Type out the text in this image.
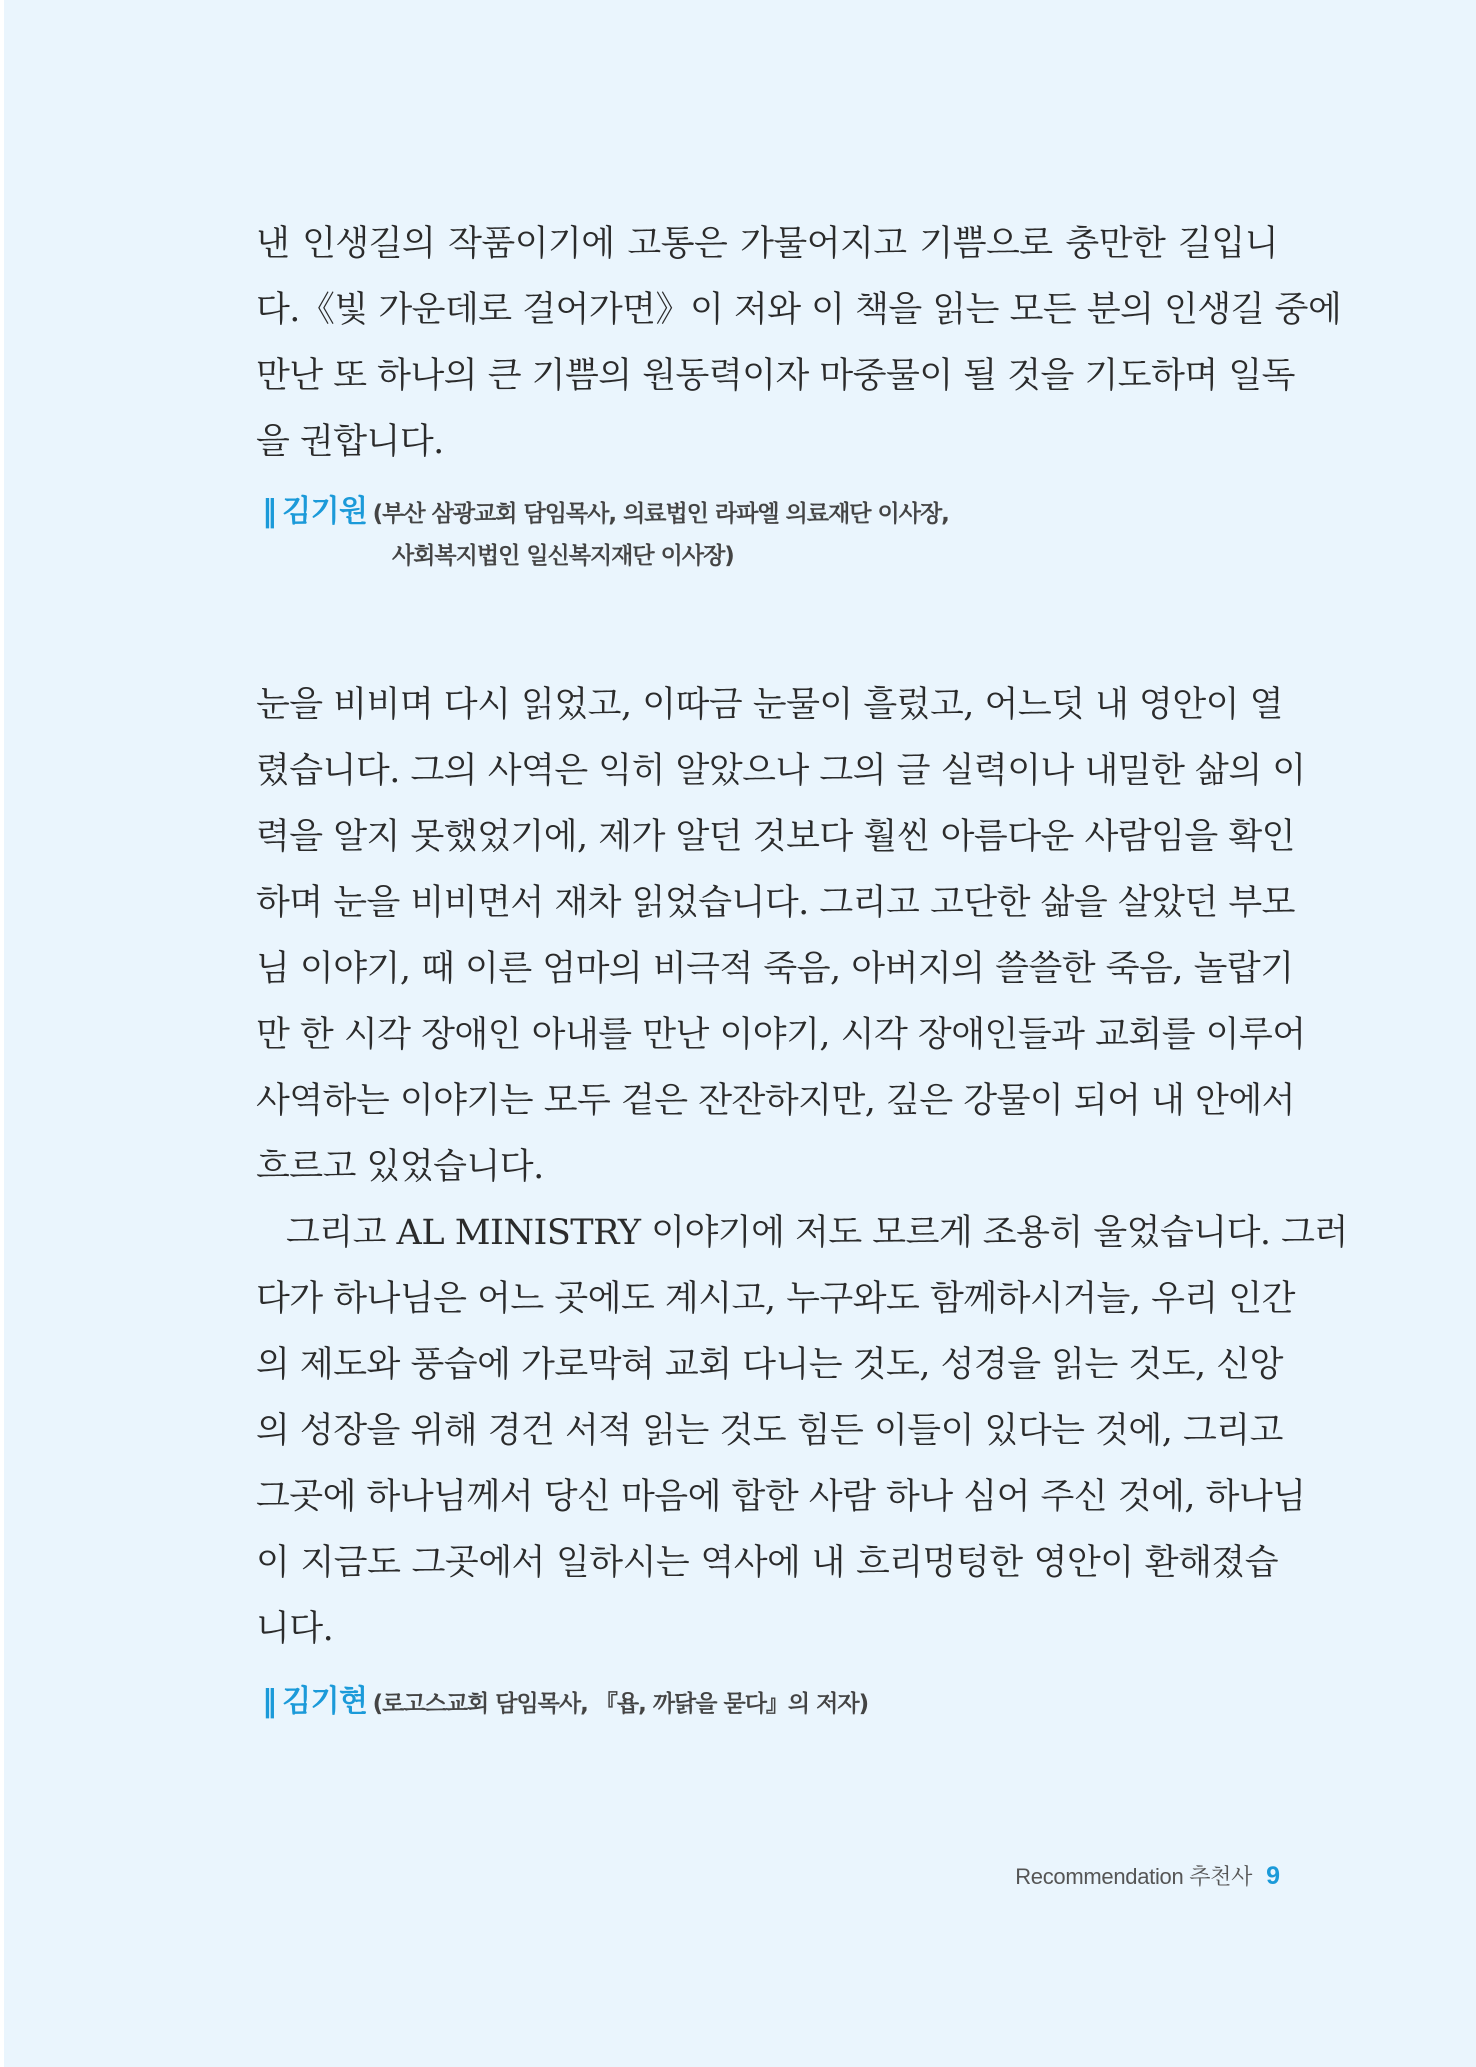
낸 인생길의 작품이기에 고통은 가물어지고 기쁨으로 충만한 길입니
다.《빛 가운데로 걸어가면》이 저와 이 책을 읽는 모든 분의 인생길 중에
만난 또 하나의 큰 기쁨의 원동력이자 마중물이 될 것을 기도하며 일독
을 권합니다.
‖ 김기원 (부산 삼광교회 담임목사, 의료법인 라파엘 의료재단 이사장,
사회복지법인 일신복지재단 이사장)
눈을 비비며 다시 읽었고, 이따금 눈물이 흘렀고, 어느덧 내 영안이 열
렸습니다. 그의 사역은 익히 알았으나 그의 글 실력이나 내밀한 삶의 이
력을 알지 못했었기에, 제가 알던 것보다 훨씬 아름다운 사람임을 확인
하며 눈을 비비면서 재차 읽었습니다. 그리고 고단한 삶을 살았던 부모
님 이야기, 때 이른 엄마의 비극적 죽음, 아버지의 쓸쓸한 죽음, 놀랍기
만 한 시각 장애인 아내를 만난 이야기, 시각 장애인들과 교회를 이루어
사역하는 이야기는 모두 겉은 잔잔하지만, 깊은 강물이 되어 내 안에서
흐르고 있었습니다.
그리고 AL MINISTRY 이야기에 저도 모르게 조용히 울었습니다. 그러
다가 하나님은 어느 곳에도 계시고, 누구와도 함께하시거늘, 우리 인간
의 제도와 풍습에 가로막혀 교회 다니는 것도, 성경을 읽는 것도, 신앙
의 성장을 위해 경건 서적 읽는 것도 힘든 이들이 있다는 것에, 그리고
그곳에 하나님께서 당신 마음에 합한 사람 하나 심어 주신 것에, 하나님
이 지금도 그곳에서 일하시는 역사에 내 흐리멍텅한 영안이 환해졌습
니다.
‖ 김기현 (로고스교회 담임목사, 『욥, 까닭을 묻다』의 저자)
Recommendation 추천사 9
